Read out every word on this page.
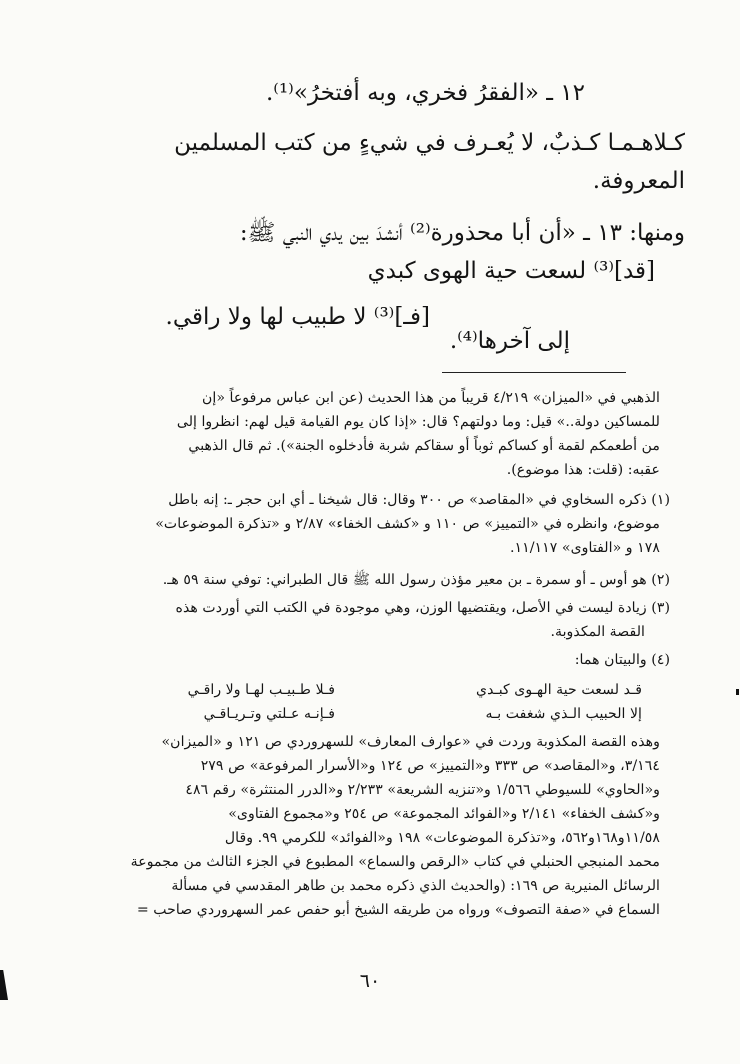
١٢ ـ «الفقرُ فخري، وبه أفتخرُ»⁽¹⁾.
كـلاهـمـا كـذبٌ، لا يُعـرف في شيءٍ من كتب المسلمين
المعروفة.
ومنها: ١٣ ـ «أن أبا محذورة⁽²⁾ أنشدَ بين يدي النبي ﷺ:
[قد]⁽³⁾ لسعت حية الهوى كبدي
[فـ]⁽³⁾ لا طبيب لها ولا راقي.
إلى آخرها⁽⁴⁾.
الذهبي في «الميزان» ٤/٢١٩ قريباً من هذا الحديث (عن ابن عباس مرفوعاً «إن
للمساكين دولة..» قيل: وما دولتهم؟ قال: «إذا كان يوم القيامة قيل لهم: انظروا إلى
من أطعمكم لقمة أو كساكم ثوباً أو سقاكم شربة فأدخلوه الجنة»). ثم قال الذهبي
عقبه: (قلت: هذا موضوع).
(١) ذكره السخاوي في «المقاصد» ص ٣٠٠ وقال: قال شيخنا ـ أي ابن حجر ـ: إنه باطل
موضوع، وانظره في «التمييز» ص ١١٠ و «كشف الخفاء» ٢/٨٧ و «تذكرة الموضوعات»
١٧٨ و «الفتاوى» ١١/١١٧.
(٢) هو أوس ـ أو سمرة ـ بن معير مؤذن رسول الله ﷺ قال الطبراني: توفي سنة ٥٩ هـ.
(٣) زيادة ليست في الأصل، ويقتضيها الوزن، وهي موجودة في الكتب التي أوردت هذه
القصة المكذوبة.
(٤) والبيتان هما:
قـد لسعت حية الهـوى كبـدي
فـلا طـبيـب لهـا ولا راقـي
إلا الحبيب الـذي شغفت بـه
فـإنـه عـلتي وتـريـاقـي
وهذه القصة المكذوبة وردت في «عوارف المعارف» للسهروردي ص ١٢١ و «الميزان»
٣/١٦٤، و«المقاصد» ص ٣٣٣ و«التمييز» ص ١٢٤ و«الأسرار المرفوعة» ص ٢٧٩
و«الحاوي» للسيوطي ١/٥٦٦ و«تنزيه الشريعة» ٢/٢٣٣ و«الدرر المنتثرة» رقم ٤٨٦
و«كشف الخفاء» ٢/١٤١ و«الفوائد المجموعة» ص ٢٥٤ و«مجموع الفتاوى»
١١/٥٨و١٦٨و٥٦٢، و«تذكرة الموضوعات» ١٩٨ و«الفوائد» للكرمي ٩٩. وقال
محمد المنبجي الحنبلي في كتاب «الرقص والسماع» المطبوع في الجزء الثالث من مجموعة
الرسائل المنيرية ص ١٦٩: (والحديث الذي ذكره محمد بن طاهر المقدسي في مسألة
السماع في «صفة التصوف» ورواه من طريقه الشيخ أبو حفص عمر السهروردي صاحب =
٦٠
